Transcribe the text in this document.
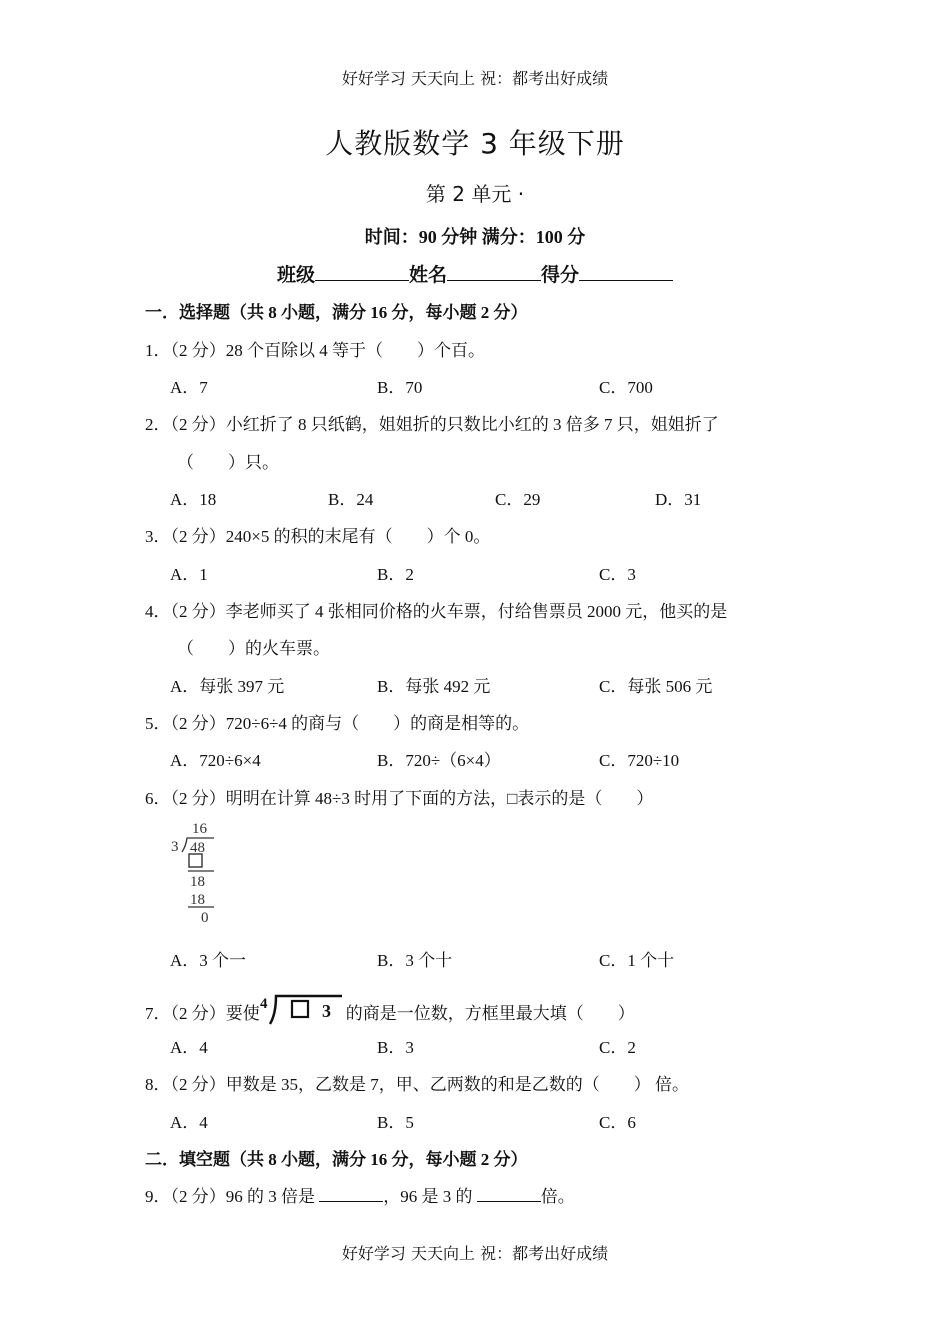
好好学习 天天向上 祝：都考出好成绩
人教版数学 3 年级下册
第 2 单元 ·
时间：90 分钟 满分：100 分
班级	姓名	得分
一．选择题（共 8 小题，满分 16 分，每小题 2 分）
1．（2 分）28 个百除以 4 等于（　　）个百。
A．7	B．70	C．700
2．（2 分）小红折了 8 只纸鹤，姐姐折的只数比小红的 3 倍多 7 只，姐姐折了
（　　）只。
A．18	B．24	C．29	D．31
3．（2 分）240×5 的积的末尾有（　　）个 0。
A．1	B．2	C．3
4．（2 分）李老师买了 4 张相同价格的火车票，付给售票员 2000 元，他买的是
（　　）的火车票。
A．每张 397 元	B．每张 492 元	C．每张 506 元
5．（2 分）720÷6÷4 的商与（　　）的商是相等的。
A．720÷6×4	B．720÷（6×4）	C．720÷10
6．（2 分）明明在计算 48÷3 时用了下面的方法，□表示的是（　　）
16
3 48
18
18
0
A．3 个一	B．3 个十	C．1 个十
7．（2 分）要使 4	3 的商是一位数，方框里最大填（　　）
A．4	B．3	C．2
8．（2 分）甲数是 35，乙数是 7，甲、乙两数的和是乙数的（　　） 倍。
A．4	B．5	C．6
二．填空题（共 8 小题，满分 16 分，每小题 2 分）
9．（2 分）96 的 3 倍是	，96 是 3 的	倍。
好好学习 天天向上 祝：都考出好成绩
